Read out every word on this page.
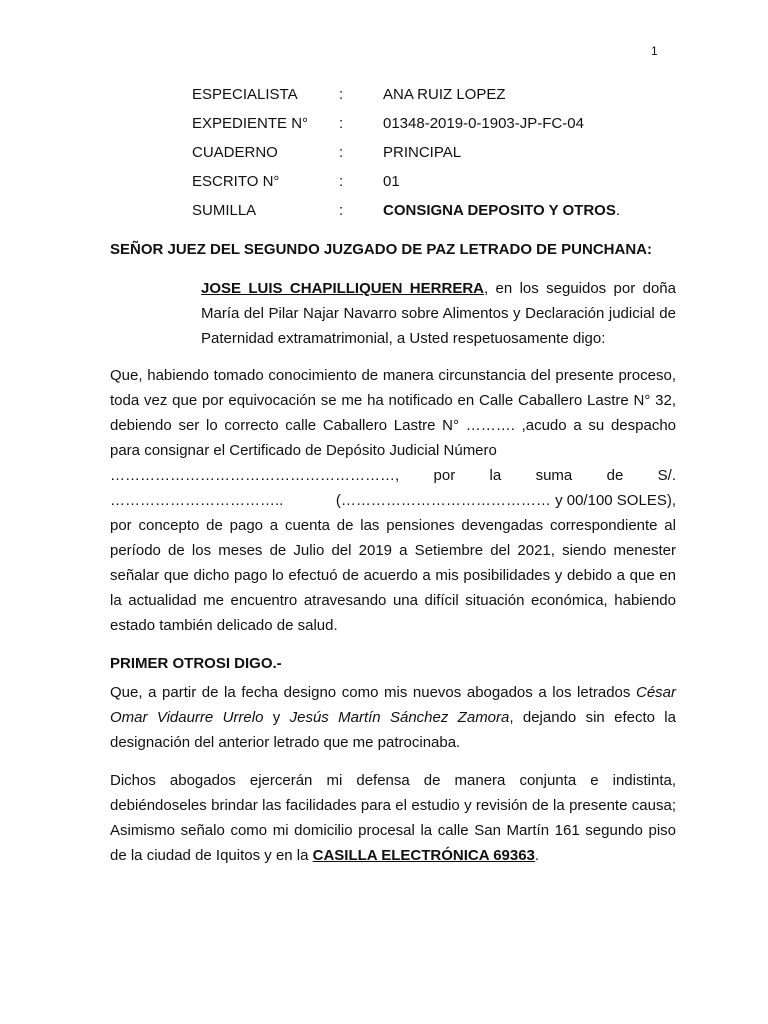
1
ESPECIALISTA	:	ANA RUIZ LOPEZ
EXPEDIENTE N°	:	01348-2019-0-1903-JP-FC-04
CUADERNO	:	PRINCIPAL
ESCRITO N°	:	01
SUMILLA	:	CONSIGNA DEPOSITO Y OTROS.
SEÑOR JUEZ DEL SEGUNDO JUZGADO DE PAZ LETRADO DE PUNCHANA:

JOSE LUIS CHAPILLIQUEN HERRERA, en los seguidos por doña María del Pilar Najar Navarro sobre Alimentos y Declaración judicial de Paternidad extramatrimonial, a Usted respetuosamente digo:

Que, habiendo tomado conocimiento de manera circunstancia del presente proceso, toda vez que por equivocación se me ha notificado en Calle Caballero Lastre N° 32, debiendo ser lo correcto calle Caballero Lastre N° ………. ,acudo a su despacho para consignar el Certificado de Depósito Judicial Número

…………………………………………………, por la suma de S/.
……………………………..	(…………………………………… y 00/100 SOLES),

por concepto de pago a cuenta de las pensiones devengadas correspondiente al período de los meses de Julio del 2019 a Setiembre del 2021, siendo menester señalar que dicho pago lo efectuó de acuerdo a mis posibilidades y debido a que en la actualidad me encuentro atravesando una difícil situación económica, habiendo estado también delicado de salud.

PRIMER OTROSI DIGO.-

Que, a partir de la fecha designo como mis nuevos abogados a los letrados César Omar Vidaurre Urrelo y Jesús Martín Sánchez Zamora, dejando sin efecto la designación del anterior letrado que me patrocinaba.

Dichos abogados ejercerán mi defensa de manera conjunta e indistinta, debiéndoseles brindar las facilidades para el estudio y revisión de la presente causa; Asimismo señalo como mi domicilio procesal la calle San Martín 161 segundo piso de la ciudad de Iquitos y en la CASILLA ELECTRÓNICA 69363.
